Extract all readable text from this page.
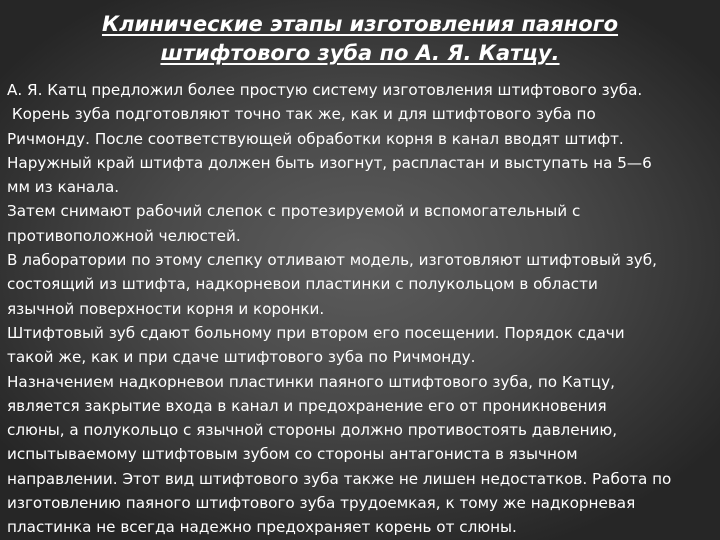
Клинические этапы изготовления паяного
штифтового зуба по А. Я. Катцу.
А. Я. Катц предложил более простую систему изготовления штифтового зуба.
Корень зуба подготовляют точно так же, как и для штифтового зуба по
Ричмонду. После соответствующей обработки корня в канал вводят штифт.
Наружный край штифта должен быть изогнут, распластан и выступать на 5—6
мм из канала.
Затем снимают рабочий слепок с протезируемой и вспомогательный с
противоположной челюстей.
В лаборатории по этому слепку отливают модель, изготовляют штифтовый зуб,
состоящий из штифта, надкорневои пластинки с полукольцом в области
язычной поверхности корня и коронки.
Штифтовый зуб сдают больному при втором его посещении. Порядок сдачи
такой же, как и при сдаче штифтового зуба по Ричмонду.
Назначением надкорневои пластинки паяного штифтового зуба, по Катцу,
является закрытие входа в канал и предохранение его от проникновения
слюны, а полукольцо с язычной стороны должно противостоять давлению,
испытываемому штифтовым зубом со стороны антагониста в язычном
направлении. Этот вид штифтового зуба также не лишен недостатков. Работа по
изготовлению паяного штифтового зуба трудоемкая, к тому же надкорневая
пластинка не всегда надежно предохраняет корень от слюны.
